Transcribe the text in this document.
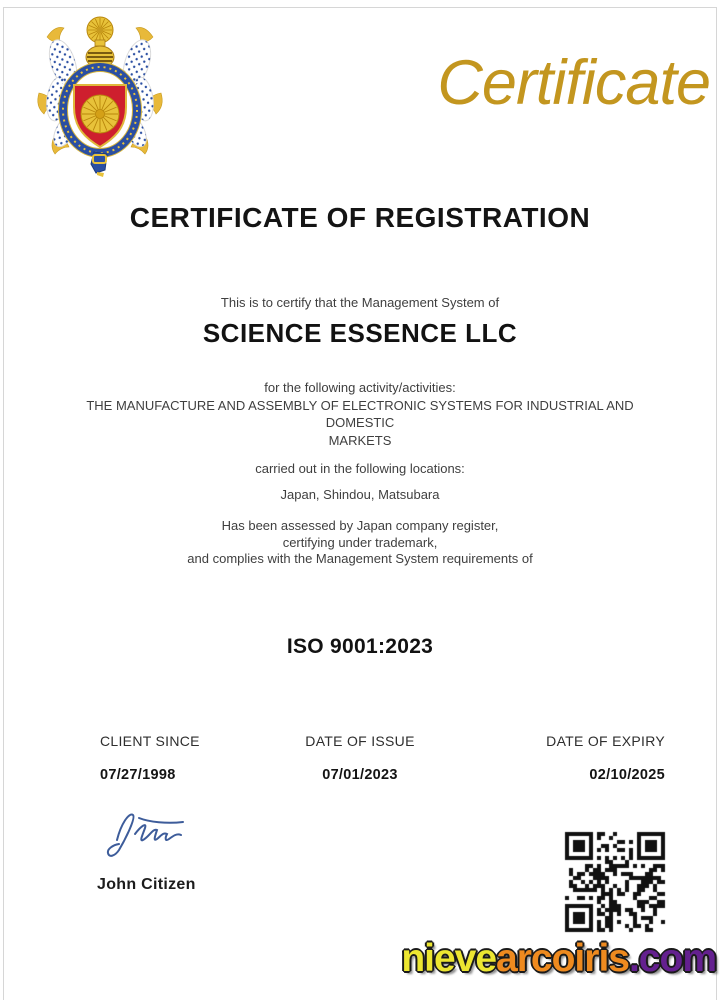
Certificate
CERTIFICATE OF REGISTRATION
This is to certify that the Management System of
SCIENCE ESSENCE LLC
for the following activity/activities:
THE MANUFACTURE AND ASSEMBLY OF ELECTRONIC SYSTEMS FOR INDUSTRIAL AND
DOMESTIC
MARKETS
carried out in the following locations:
Japan, Shindou, Matsubara
Has been assessed by Japan company register,
certifying under trademark,
and complies with the Management System requirements of
ISO 9001:2023
CLIENT SINCE
07/27/1998
DATE OF ISSUE
07/01/2023
DATE OF EXPIRY
02/10/2025
John Citizen
nievearcoiris.com
